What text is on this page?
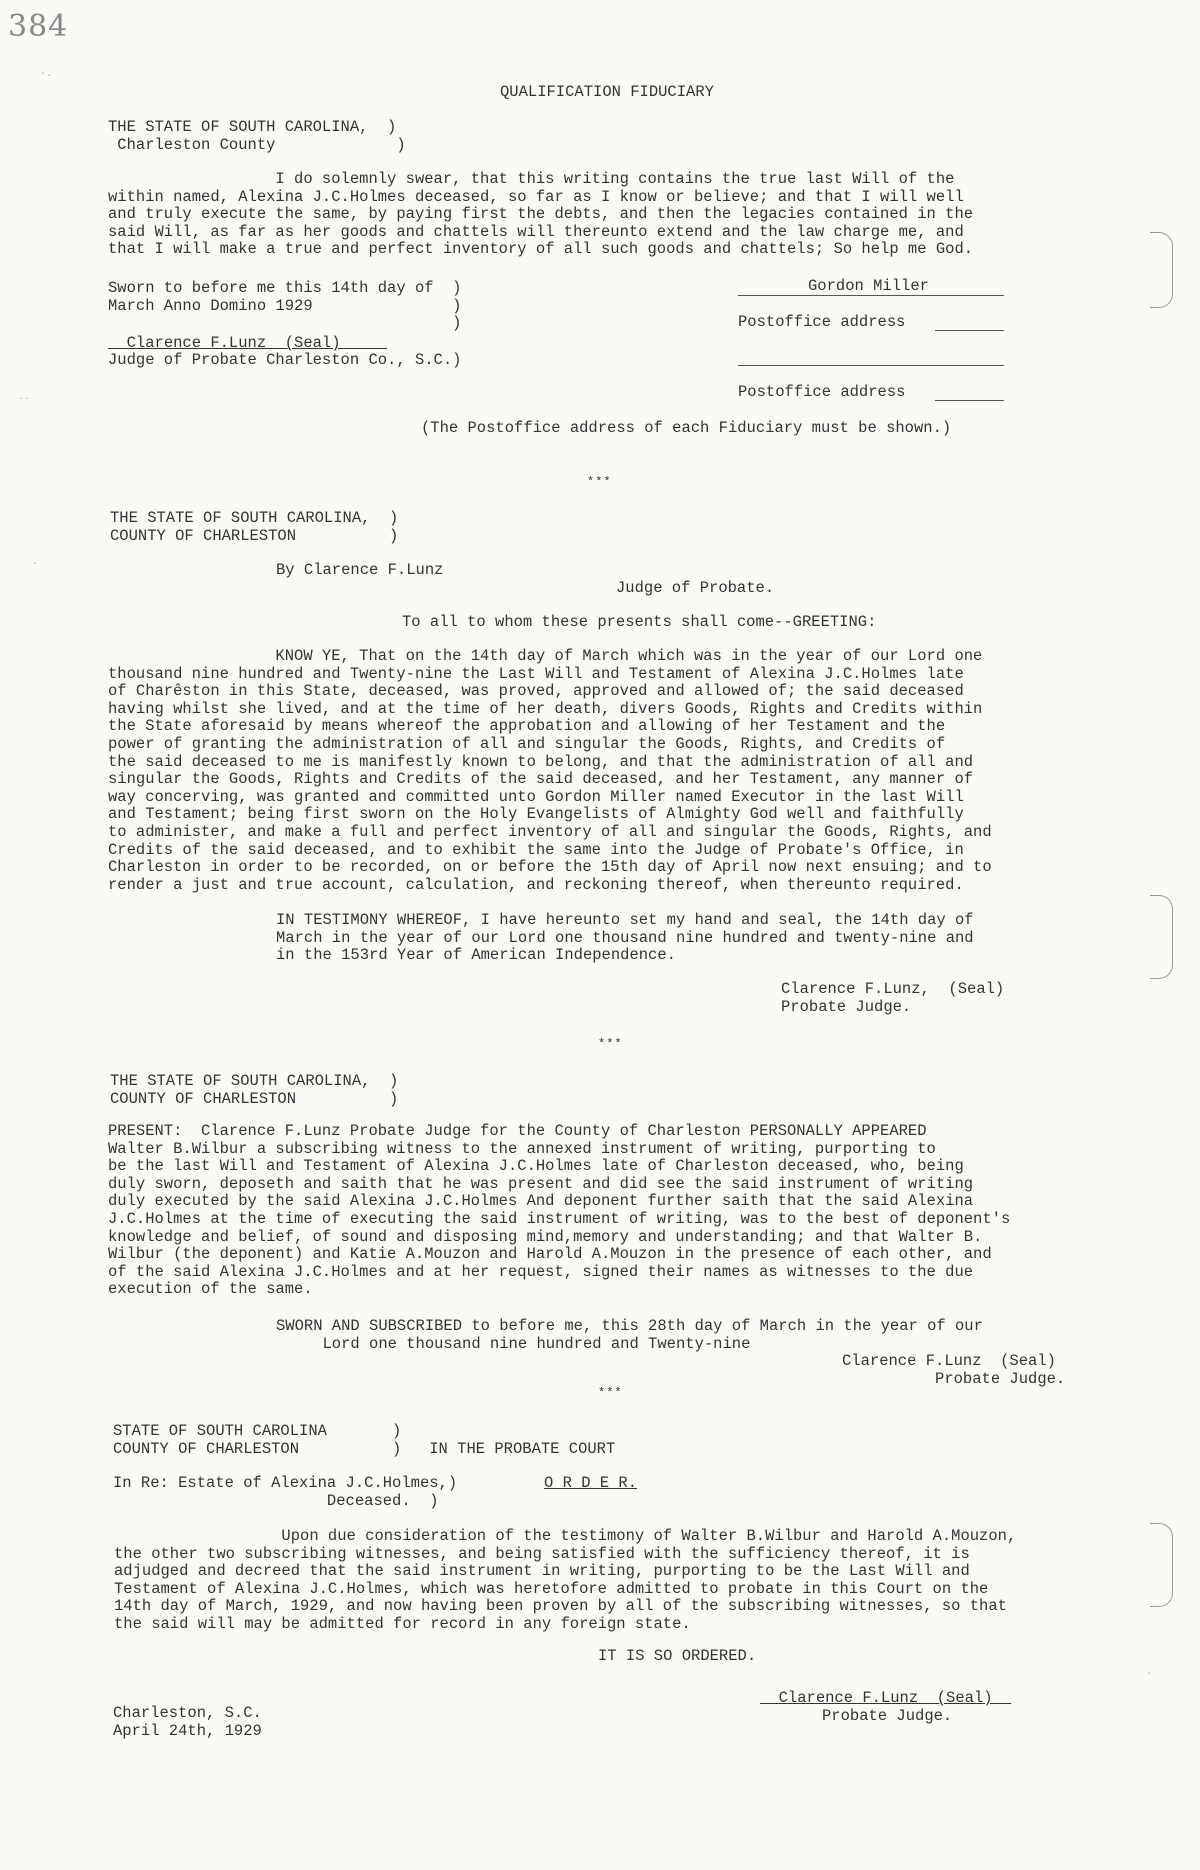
384
·.
··
·
QUALIFICATION FIDUCIARY
THE STATE OF SOUTH CAROLINA,  )
Charleston County             )
I do solemnly swear, that this writing contains the true last Will of the
within named, Alexina J.C.Holmes deceased, so far as I know or believe; and that I will well
and truly execute the same, by paying first the debts, and then the legacies contained in the
said Will, as far as her goods and chattels will thereunto extend and the law charge me, and
that I will make a true and perfect inventory of all such goods and chattels; So help me God.
Sworn to before me this 14th day of  )
March Anno Domino 1929               )
)
Clarence F.Lunz  (Seal)
Judge of Probate Charleston Co., S.C.)
Gordon Miller
Postoffice address
Postoffice address
(The Postoffice address of each Fiduciary must be shown.)
***
THE STATE OF SOUTH CAROLINA,  )
COUNTY OF CHARLESTON          )
By Clarence F.Lunz
Judge of Probate.
To all to whom these presents shall come--GREETING:
KNOW YE, That on the 14th day of March which was in the year of our Lord one
thousand nine hundred and Twenty-nine the Last Will and Testament of Alexina J.C.Holmes late
of Charêston in this State, deceased, was proved, approved and allowed of; the said deceased
having whilst she lived, and at the time of her death, divers Goods, Rights and Credits within
the State aforesaid by means whereof the approbation and allowing of her Testament and the
power of granting the administration of all and singular the Goods, Rights, and Credits of
the said deceased to me is manifestly known to belong, and that the administration of all and
singular the Goods, Rights and Credits of the said deceased, and her Testament, any manner of
way concerving, was granted and committed unto Gordon Miller named Executor in the last Will
and Testament; being first sworn on the Holy Evangelists of Almighty God well and faithfully
to administer, and make a full and perfect inventory of all and singular the Goods, Rights, and
Credits of the said deceased, and to exhibit the same into the Judge of Probate's Office, in
Charleston in order to be recorded, on or before the 15th day of April now next ensuing; and to
render a just and true account, calculation, and reckoning thereof, when thereunto required.
IN TESTIMONY WHEREOF, I have hereunto set my hand and seal, the 14th day of
March in the year of our Lord one thousand nine hundred and twenty-nine and
in the 153rd Year of American Independence.
Clarence F.Lunz,  (Seal)
Probate Judge.
***
THE STATE OF SOUTH CAROLINA,  )
COUNTY OF CHARLESTON          )
PRESENT:  Clarence F.Lunz Probate Judge for the County of Charleston PERSONALLY APPEARED
Walter B.Wilbur a subscribing witness to the annexed instrument of writing, purporting to
be the last Will and Testament of Alexina J.C.Holmes late of Charleston deceased, who, being
duly sworn, deposeth and saith that he was present and did see the said instrument of writing
duly executed by the said Alexina J.C.Holmes And deponent further saith that the said Alexina
J.C.Holmes at the time of executing the said instrument of writing, was to the best of deponent's
knowledge and belief, of sound and disposing mind,memory and understanding; and that Walter B.
Wilbur (the deponent) and Katie A.Mouzon and Harold A.Mouzon in the presence of each other, and
of the said Alexina J.C.Holmes and at her request, signed their names as witnesses to the due
execution of the same.
SWORN AND SUBSCRIBED to before me, this 28th day of March in the year of our
Lord one thousand nine hundred and Twenty-nine
Clarence F.Lunz  (Seal)
Probate Judge.
***
STATE OF SOUTH CAROLINA       )
COUNTY OF CHARLESTON          )   IN THE PROBATE COURT
In Re: Estate of Alexina J.C.Holmes,)
Deceased.  )
O R D E R.
Upon due consideration of the testimony of Walter B.Wilbur and Harold A.Mouzon,
the other two subscribing witnesses, and being satisfied with the sufficiency thereof, it is
adjudged and decreed that the said instrument in writing, purporting to be the Last Will and
Testament of Alexina J.C.Holmes, which was heretofore admitted to probate in this Court on the
14th day of March, 1929, and now having been proven by all of the subscribing witnesses, so that
the said will may be admitted for record in any foreign state.
IT IS SO ORDERED.
Charleston, S.C.
April 24th, 1929
Clarence F.Lunz  (Seal)
Probate Judge.
·
